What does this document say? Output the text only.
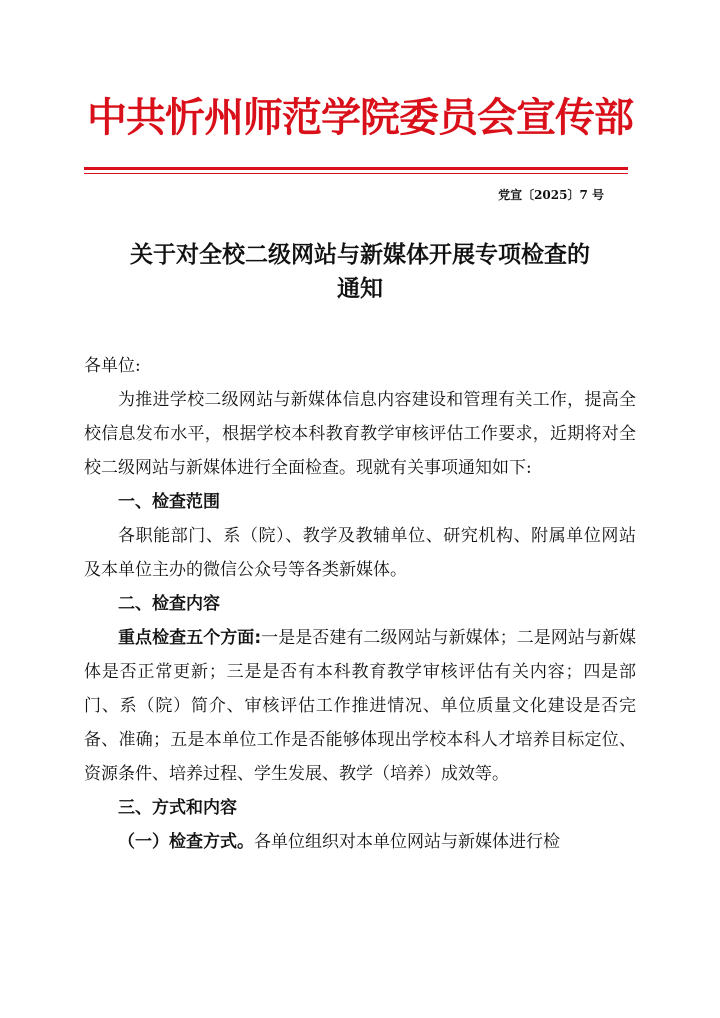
中共忻州师范学院委员会宣传部
党宣〔2025〕7 号
关于对全校二级网站与新媒体开展专项检查的
通知

各单位:

为推进学校二级网站与新媒体信息内容建设和管理有关工作，提高全校信息发布水平，根据学校本科教育教学审核评估工作要求，近期将对全校二级网站与新媒体进行全面检查。现就有关事项通知如下:

一、检查范围

各职能部门、系（院）、教学及教辅单位、研究机构、附属单位网站及本单位主办的微信公众号等各类新媒体。

二、检查内容

重点检查五个方面:一是是否建有二级网站与新媒体；二是网站与新媒体是否正常更新；三是是否有本科教育教学审核评估有关内容；四是部门、系（院）简介、审核评估工作推进情况、单位质量文化建设是否完备、准确；五是本单位工作是否能够体现出学校本科人才培养目标定位、资源条件、培养过程、学生发展、教学（培养）成效等。

三、方式和内容

（一）检查方式。各单位组织对本单位网站与新媒体进行检
